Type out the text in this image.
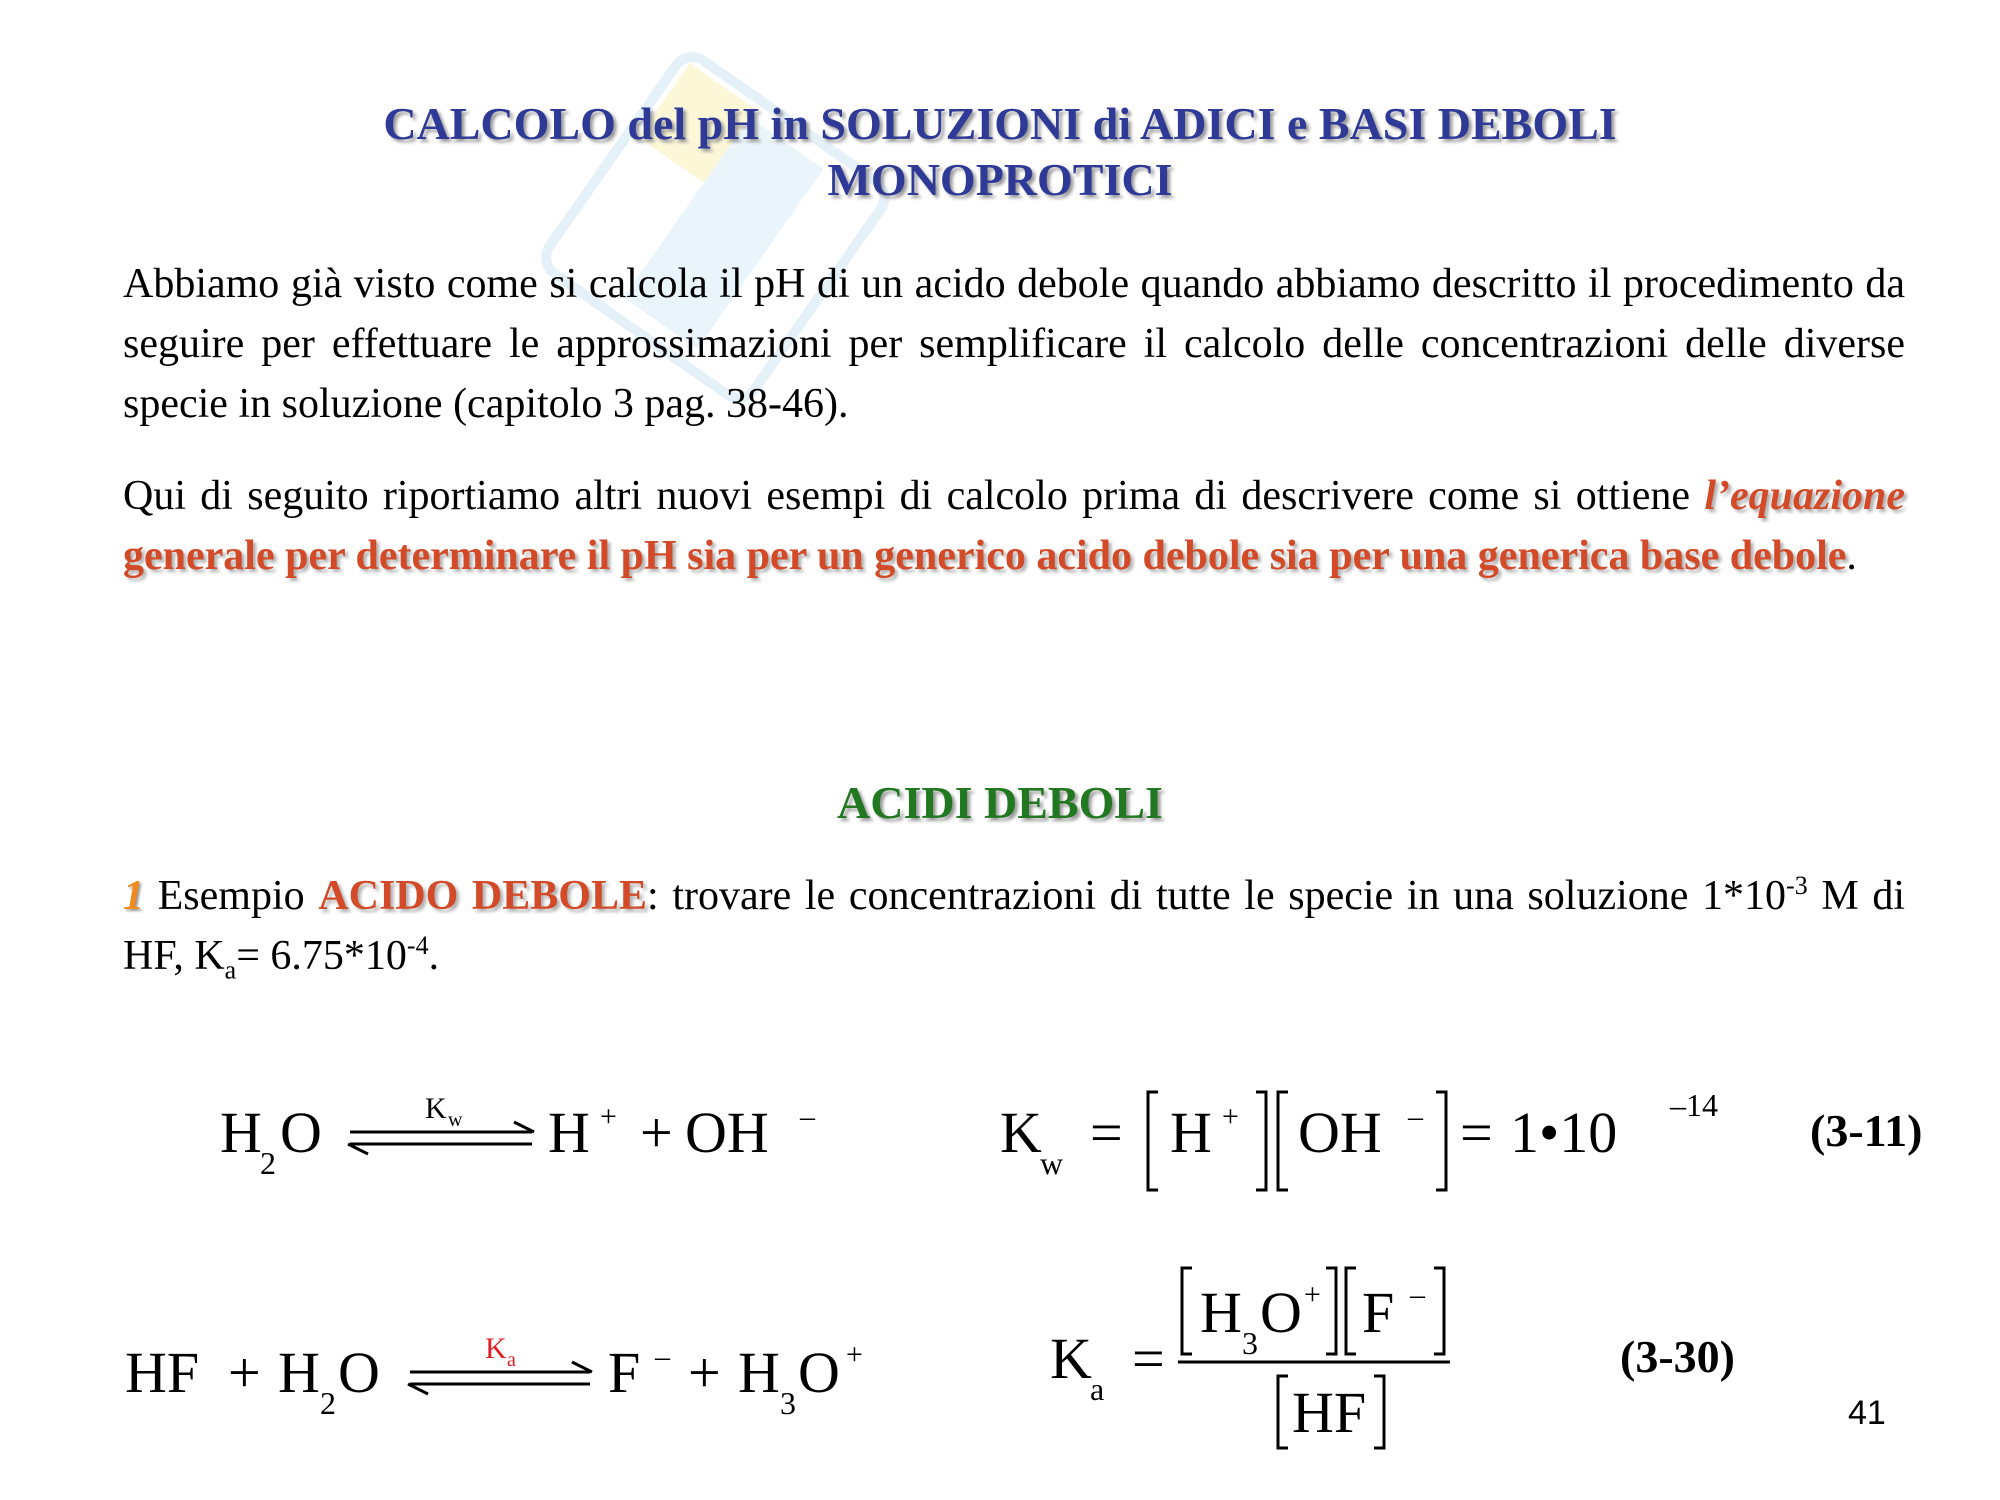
CALCOLO del pH in SOLUZIONI di ADICI e BASI DEBOLI
MONOPROTICI
Abbiamo già visto come si calcola il pH di un acido debole quando abbiamo descritto il procedimento da seguire per effettuare le approssimazioni per semplificare il calcolo delle concentrazioni delle diverse specie in soluzione (capitolo 3 pag. 38-46).
Qui di seguito riportiamo altri nuovi esempi di calcolo prima di descrivere come si ottiene l’equazione generale per determinare il pH sia per un generico acido debole sia per una generica base debole.
ACIDI DEBOLI
1 Esempio ACIDO DEBOLE: trovare le concentrazioni di tutte le specie in una soluzione $1*10^{-3}$ M di HF, $K_a= 6.75*10^{-4}$.
H
2 O	K w H + + OH –	K
w = H + OH – = 1•10 –14 (3-11)
HF + H 2 O	K a F – + H 3 O +	K
a =
H 3 O + F –
HF
(3-30)
41
